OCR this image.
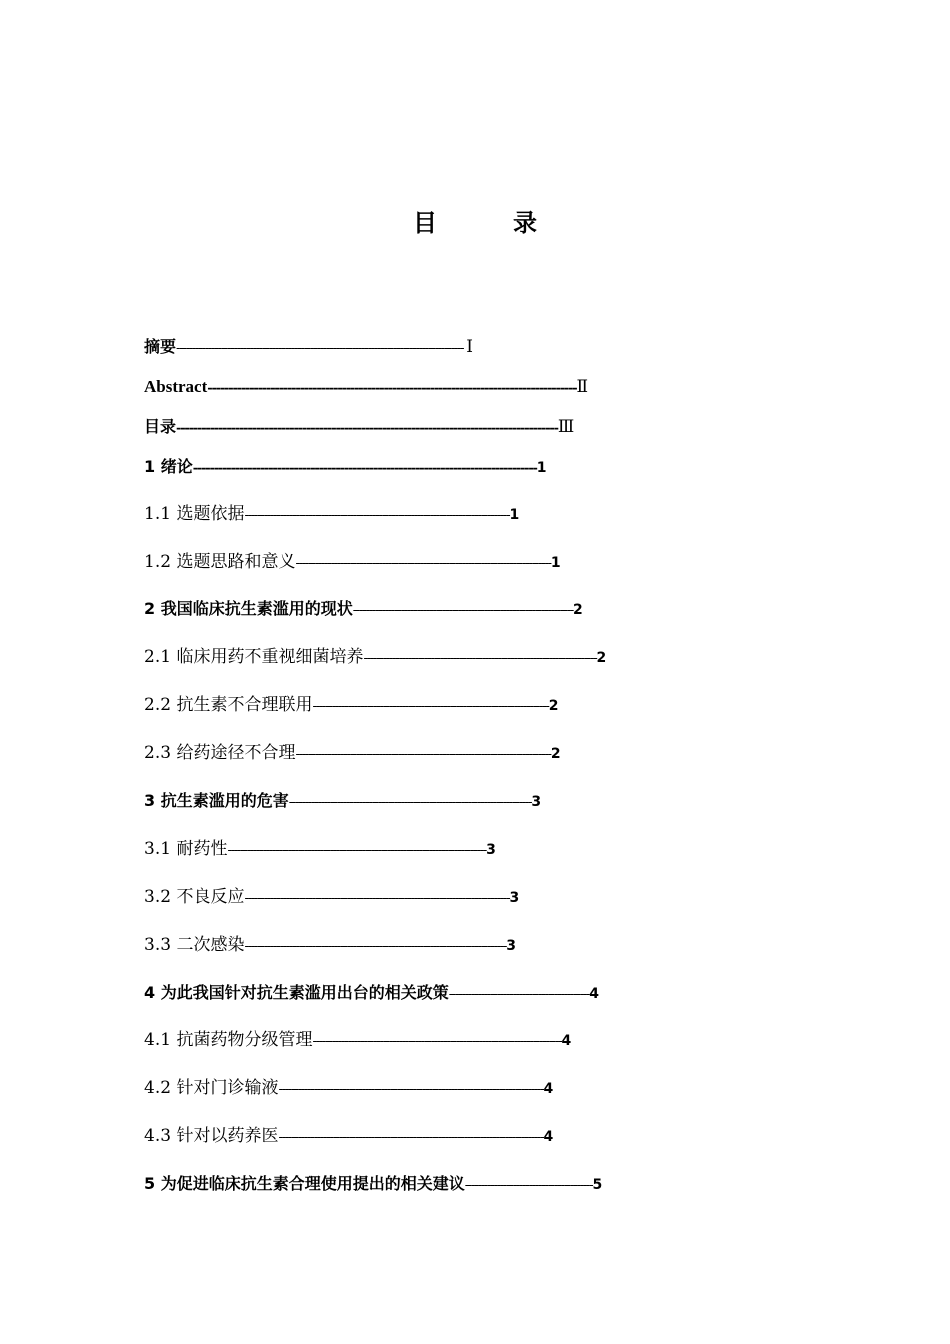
目　录
摘要------------------------------------------------------------------------------------------ Ⅰ
Abstract----------------------------------------------------------------------------------------Ⅱ
目录-------------------------------------------------------------------------------------------Ⅲ
1 绪论----------------------------------------------------------------------------------1
1.1 选题依据-----------------------------------------------------------------------------------1
1.2 选题思路和意义--------------------------------------------------------------------------------1
2 我国临床抗生素滥用的现状---------------------------------------------------------------------2
2.1 临床用药不重视细菌培养-------------------------------------------------------------------------2
2.2 抗生素不合理联用--------------------------------------------------------------------------2
2.3 给药途径不合理--------------------------------------------------------------------------------2
3 抗生素滥用的危害----------------------------------------------------------------------------3
3.1 耐药性---------------------------------------------------------------------------------3
3.2 不良反应-----------------------------------------------------------------------------------3
3.3 二次感染----------------------------------------------------------------------------------3
4 为此我国针对抗生素滥用出台的相关政策--------------------------------------------4
4.1 抗菌药物分级管理------------------------------------------------------------------------------4
4.2 针对门诊输液-----------------------------------------------------------------------------------4
4.3 针对以药养医-----------------------------------------------------------------------------------4
5 为促进临床抗生素合理使用提出的相关建议----------------------------------------5
